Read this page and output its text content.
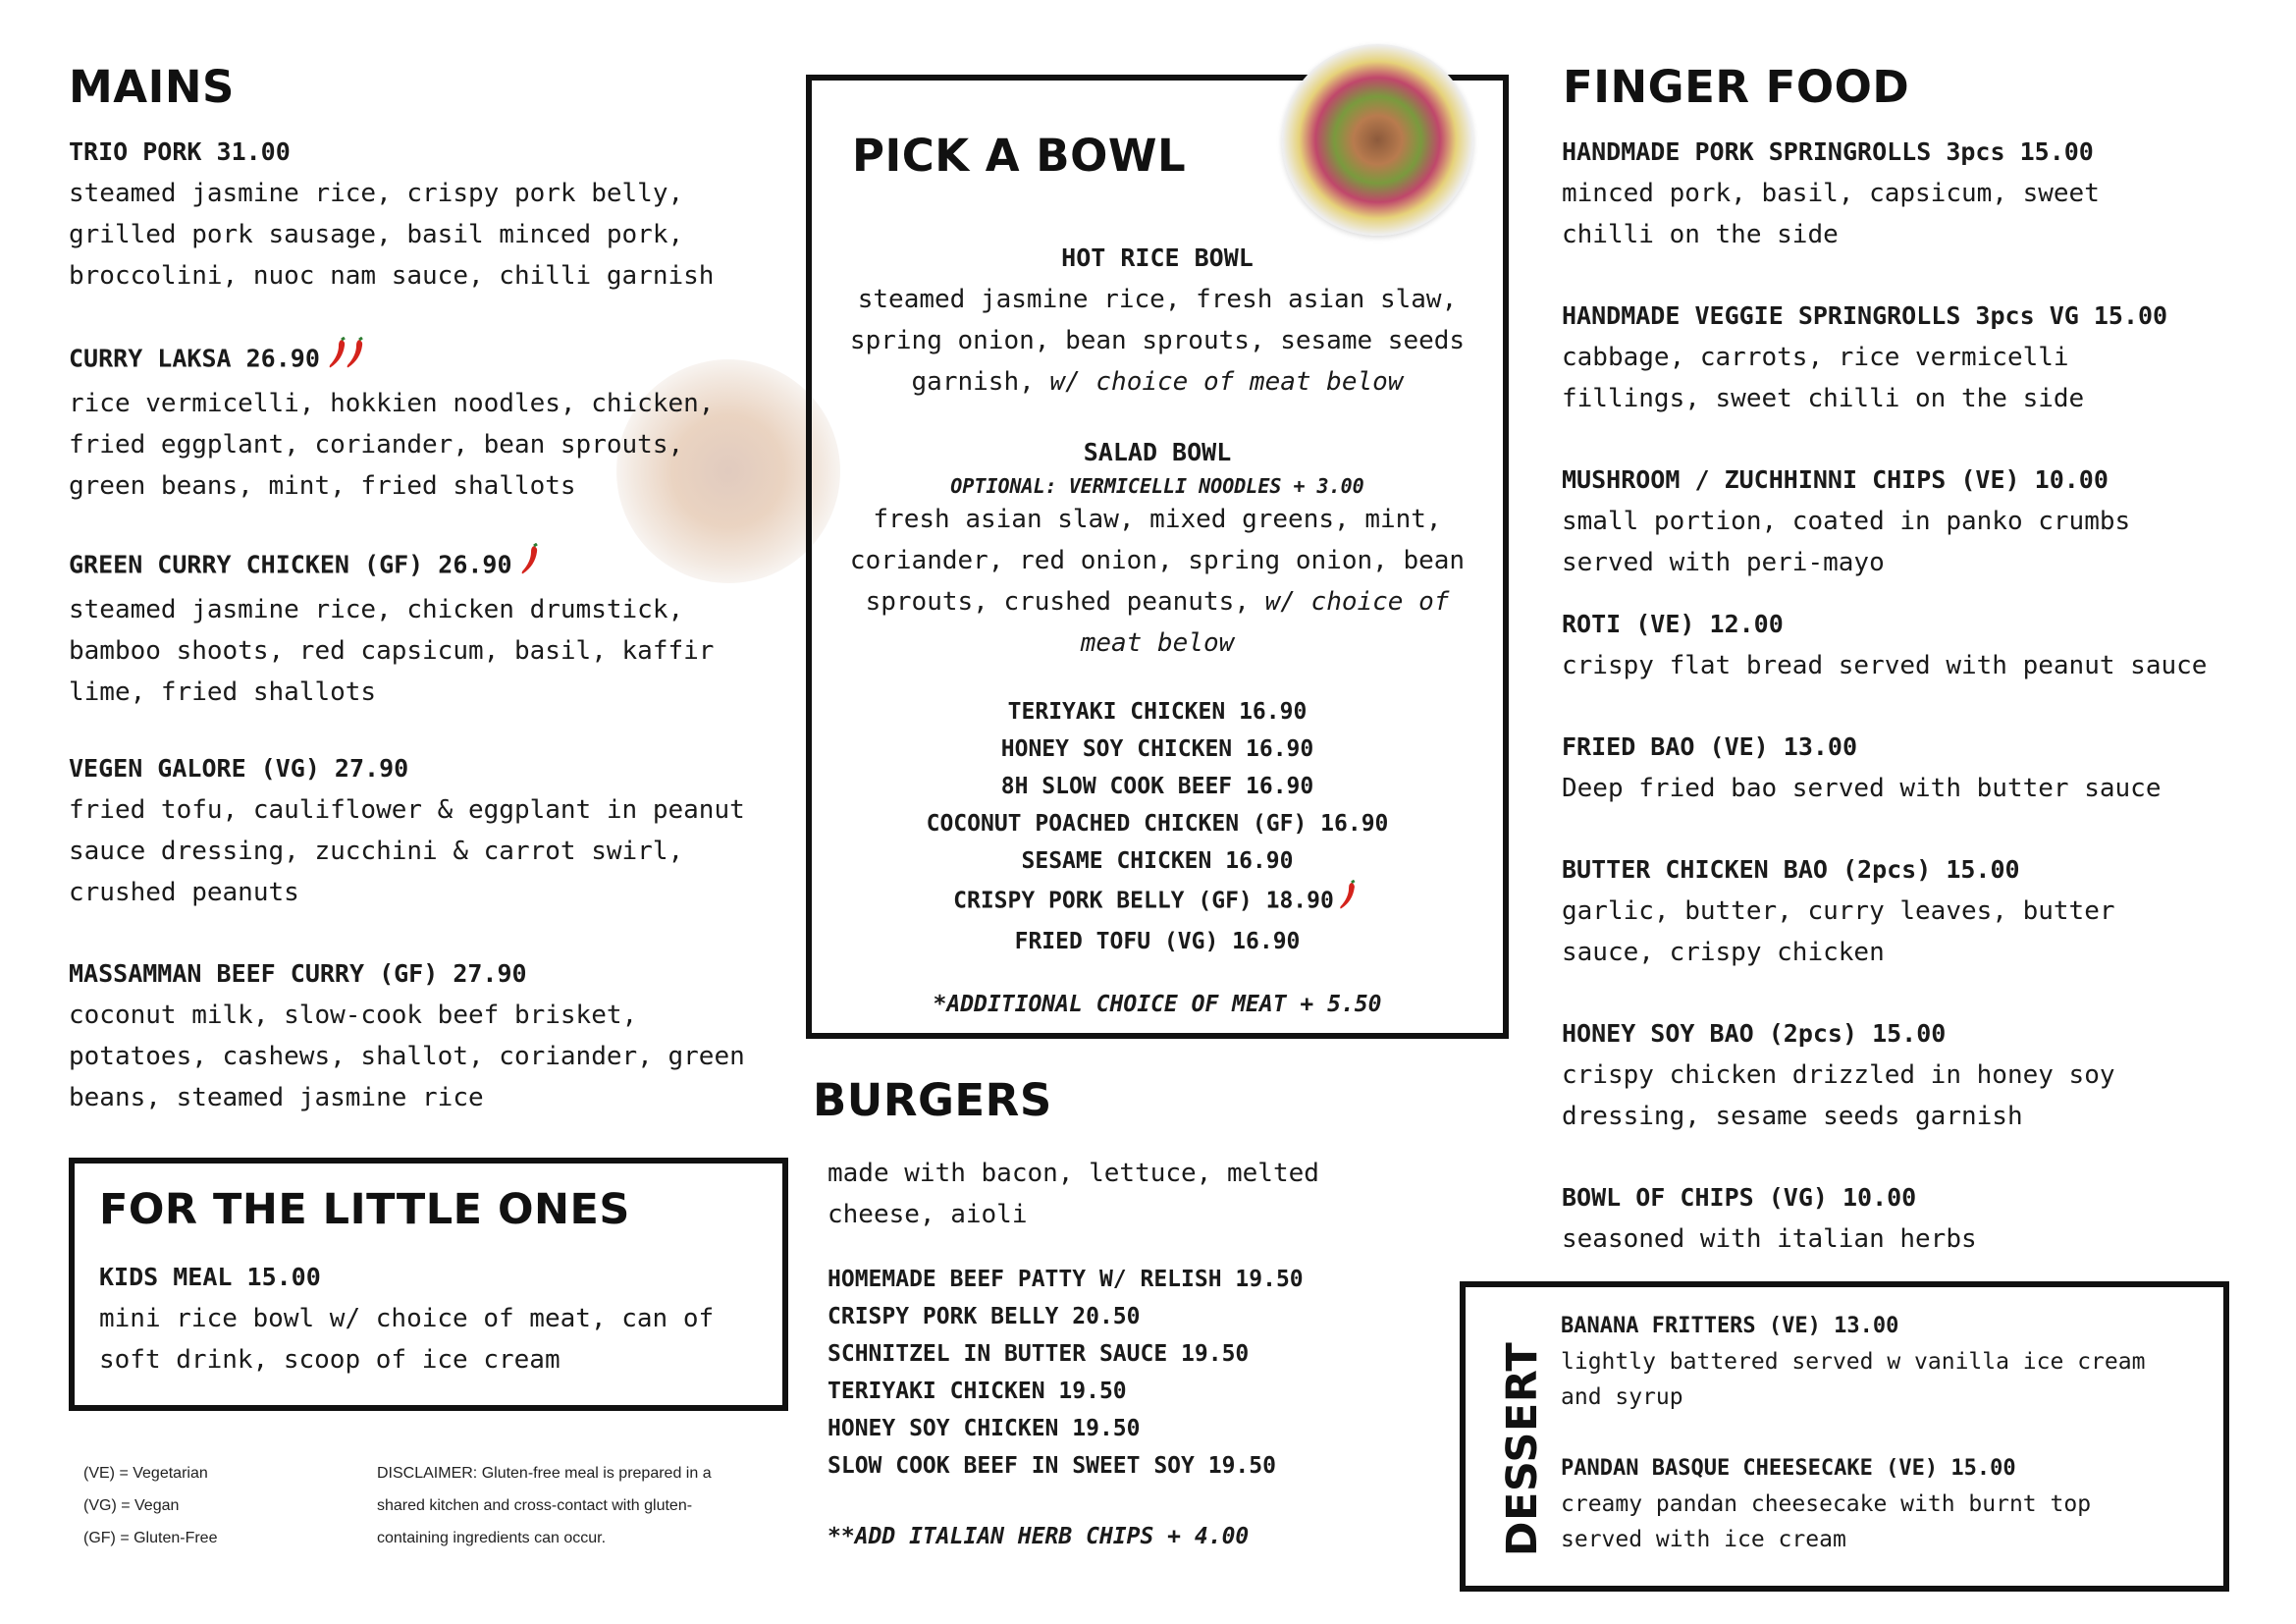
MAINS

TRIO PORK 31.00

steamed jasmine rice, crispy pork belly,

grilled pork sausage, basil minced pork,

broccolini, nuoc nam sauce, chilli garnish

CURRY LAKSA 26.90

rice vermicelli, hokkien noodles, chicken,

fried eggplant, coriander, bean sprouts,

green beans, mint, fried shallots

GREEN CURRY CHICKEN (GF) 26.90

steamed jasmine rice, chicken drumstick,

bamboo shoots, red capsicum, basil, kaffir

lime, fried shallots

VEGEN GALORE (VG) 27.90

fried tofu, cauliflower & eggplant in peanut

sauce dressing, zucchini & carrot swirl,

crushed peanuts

MASSAMMAN BEEF CURRY (GF) 27.90

coconut milk, slow-cook beef brisket,

potatoes, cashews, shallot, coriander, green

beans, steamed jasmine rice

FOR THE LITTLE ONES

KIDS MEAL 15.00

mini rice bowl w/ choice of meat, can of

soft drink, scoop of ice cream

(VE) = Vegetarian
(VG) = Vegan
(GF) = Gluten-Free
DISCLAIMER: Gluten-free meal is prepared in a
shared kitchen and cross-contact with gluten-
containing ingredients can occur.
PICK A BOWL

HOT RICE BOWL

steamed jasmine rice, fresh asian slaw,

spring onion, bean sprouts, sesame seeds

garnish, w/ choice of meat below

SALAD BOWL

OPTIONAL: VERMICELLI NOODLES + 3.00

fresh asian slaw, mixed greens, mint,

coriander, red onion, spring onion, bean

sprouts, crushed peanuts, w/ choice of

meat below

TERIYAKI CHICKEN 16.90

HONEY SOY CHICKEN 16.90

8H SLOW COOK BEEF 16.90

COCONUT POACHED CHICKEN (GF) 16.90

SESAME CHICKEN 16.90

CRISPY PORK BELLY (GF) 18.90

FRIED TOFU (VG) 16.90

*ADDITIONAL CHOICE OF MEAT + 5.50

BURGERS

made with bacon, lettuce, melted

cheese, aioli

HOMEMADE BEEF PATTY W/ RELISH 19.50

CRISPY PORK BELLY 20.50

SCHNITZEL IN BUTTER SAUCE 19.50

TERIYAKI CHICKEN 19.50

HONEY SOY CHICKEN 19.50

SLOW COOK BEEF IN SWEET SOY 19.50

**ADD ITALIAN HERB CHIPS + 4.00

FINGER FOOD

HANDMADE PORK SPRINGROLLS 3pcs 15.00

minced pork, basil, capsicum, sweet

chilli on the side

HANDMADE VEGGIE SPRINGROLLS 3pcs VG 15.00

cabbage, carrots, rice vermicelli

fillings, sweet chilli on the side

MUSHROOM / ZUCHHINNI CHIPS (VE) 10.00

small portion, coated in panko crumbs

served with peri-mayo

ROTI (VE) 12.00

crispy flat bread served with peanut sauce

FRIED BAO (VE) 13.00

Deep fried bao served with butter sauce

BUTTER CHICKEN BAO (2pcs) 15.00

garlic, butter, curry leaves, butter

sauce, crispy chicken

HONEY SOY BAO (2pcs) 15.00

crispy chicken drizzled in honey soy

dressing, sesame seeds garnish

BOWL OF CHIPS (VG) 10.00

seasoned with italian herbs

DESSERT

BANANA FRITTERS (VE) 13.00

lightly battered served w vanilla ice cream

and syrup

PANDAN BASQUE CHEESECAKE (VE) 15.00

creamy pandan cheesecake with burnt top

served with ice cream
